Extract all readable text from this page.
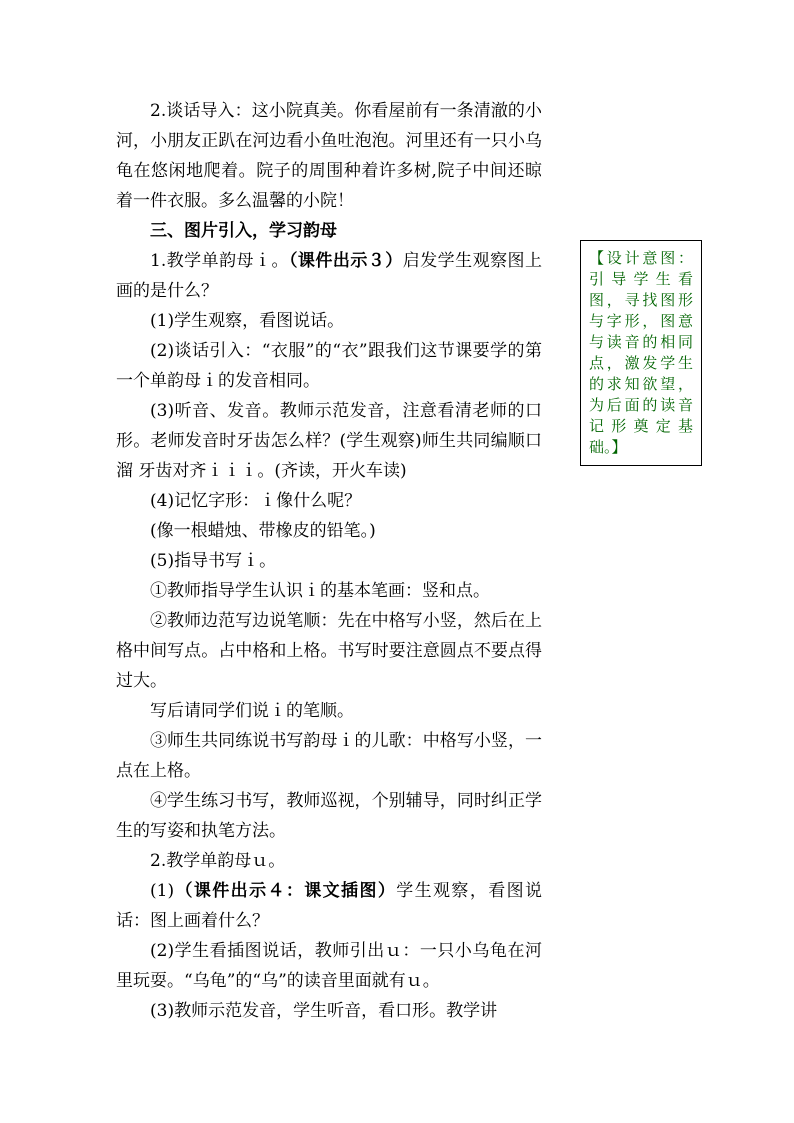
2.谈话导入：这小院真美。你看屋前有一条清澈的小河，小朋友正趴在河边看小鱼吐泡泡。河里还有一只小乌龟在悠闲地爬着。院子的周围种着许多树,院子中间还晾着一件衣服。多么温馨的小院！

三、图片引入，学习韵母

1.教学单韵母ｉ。（课件出示３）启发学生观察图上画的是什么？

(1)学生观察，看图说话。

(2)谈话引入：“衣服”的“衣”跟我们这节课要学的第一个单韵母ｉ的发音相同。

(3)听音、发音。教师示范发音，注意看清老师的口形。老师发音时牙齿怎么样？(学生观察)师生共同编顺口溜 牙齿对齐ｉｉｉ。(齐读，开火车读)

(4)记忆字形：ｉ像什么呢？

(像一根蜡烛、带橡皮的铅笔。)

(5)指导书写ｉ。

①教师指导学生认识ｉ的基本笔画：竖和点。

②教师边范写边说笔顺：先在中格写小竖，然后在上格中间写点。占中格和上格。书写时要注意圆点不要点得过大。

写后请同学们说ｉ的笔顺。

③师生共同练说书写韵母ｉ的儿歌：中格写小竖，一点在上格。

④学生练习书写，教师巡视，个别辅导，同时纠正学生的写姿和执笔方法。

2.教学单韵母ｕ。

(1)（课件出示４：课文插图）学生观察，看图说话：图上画着什么？

(2)学生看插图说话，教师引出ｕ：一只小乌龟在河里玩耍。“乌龟”的“乌”的读音里面就有ｕ。

(3)教师示范发音，学生听音，看口形。教学讲

【设计意图：引导学生看图，寻找图形与字形，图意与读音的相同点，激发学生的求知欲望，为后面的读音记形奠定基础。】
